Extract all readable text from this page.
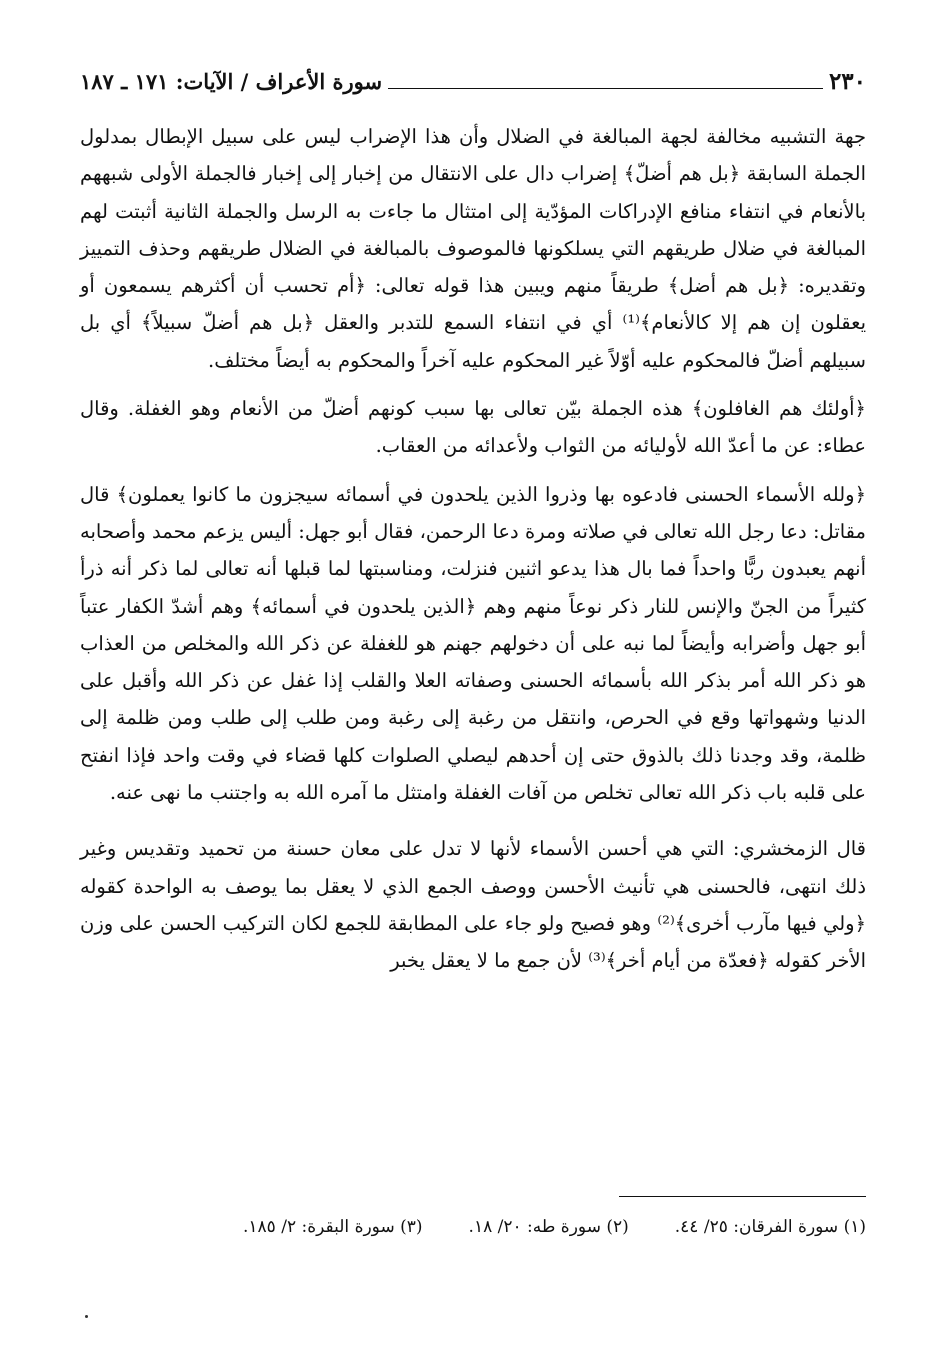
٢٣٠
سورة الأعراف / الآيات: ١٧١ ـ ١٨٧

جهة التشبيه مخالفة لجهة المبالغة في الضلال وأن هذا الإضراب ليس على سبيل الإبطال بمدلول الجملة السابقة ﴿بل هم أضلّ﴾ إضراب دال على الانتقال من إخبار إلى إخبار فالجملة الأولى شبههم بالأنعام في انتفاء منافع الإدراكات المؤدّية إلى امتثال ما جاءت به الرسل والجملة الثانية أثبتت لهم المبالغة في ضلال طريقهم التي يسلكونها فالموصوف بالمبالغة في الضلال طريقهم وحذف التمييز وتقديره: ﴿بل هم أضل﴾ طريقاً منهم ويبين هذا قوله تعالى: ﴿أم تحسب أن أكثرهم يسمعون أو يعقلون إن هم إلا كالأنعام﴾⁽¹⁾ أي في انتفاء السمع للتدبر والعقل ﴿بل هم أضلّ سبيلاً﴾ أي بل سبيلهم أضلّ فالمحكوم عليه أوّلاً غير المحكوم عليه آخراً والمحكوم به أيضاً مختلف.

﴿أولئك هم الغافلون﴾ هذه الجملة بيّن تعالى بها سبب كونهم أضلّ من الأنعام وهو الغفلة. وقال عطاء: عن ما أعدّ الله لأوليائه من الثواب ولأعدائه من العقاب.

﴿ولله الأسماء الحسنى فادعوه بها وذروا الذين يلحدون في أسمائه سيجزون ما كانوا يعملون﴾ قال مقاتل: دعا رجل الله تعالى في صلاته ومرة دعا الرحمن، فقال أبو جهل: أليس يزعم محمد وأصحابه أنهم يعبدون ربًّا واحداً فما بال هذا يدعو اثنين فنزلت، ومناسبتها لما قبلها أنه تعالى لما ذكر أنه ذرأ كثيراً من الجنّ والإنس للنار ذكر نوعاً منهم وهم ﴿الذين يلحدون في أسمائه﴾ وهم أشدّ الكفار عتباً أبو جهل وأضرابه وأيضاً لما نبه على أن دخولهم جهنم هو للغفلة عن ذكر الله والمخلص من العذاب هو ذكر الله أمر بذكر الله بأسمائه الحسنى وصفاته العلا والقلب إذا غفل عن ذكر الله وأقبل على الدنيا وشهواتها وقع في الحرص، وانتقل من رغبة إلى رغبة ومن طلب إلى طلب ومن ظلمة إلى ظلمة، وقد وجدنا ذلك بالذوق حتى إن أحدهم ليصلي الصلوات كلها قضاء في وقت واحد فإذا انفتح على قلبه باب ذكر الله تعالى تخلص من آفات الغفلة وامتثل ما آمره الله به واجتنب ما نهى عنه.

قال الزمخشري: التي هي أحسن الأسماء لأنها لا تدل على معان حسنة من تحميد وتقديس وغير ذلك انتهى، فالحسنى هي تأنيث الأحسن ووصف الجمع الذي لا يعقل بما يوصف به الواحدة كقوله ﴿ولي فيها مآرب أخرى﴾⁽²⁾ وهو فصيح ولو جاء على المطابقة للجمع لكان التركيب الحسن على وزن الأخر كقوله ﴿فعدّة من أيام أخر﴾⁽³⁾ لأن جمع ما لا يعقل يخبر

(١) سورة الفرقان: ٢٥/ ٤٤.
(٢) سورة طه: ٢٠/ ١٨.
(٣) سورة البقرة: ٢/ ١٨٥.
